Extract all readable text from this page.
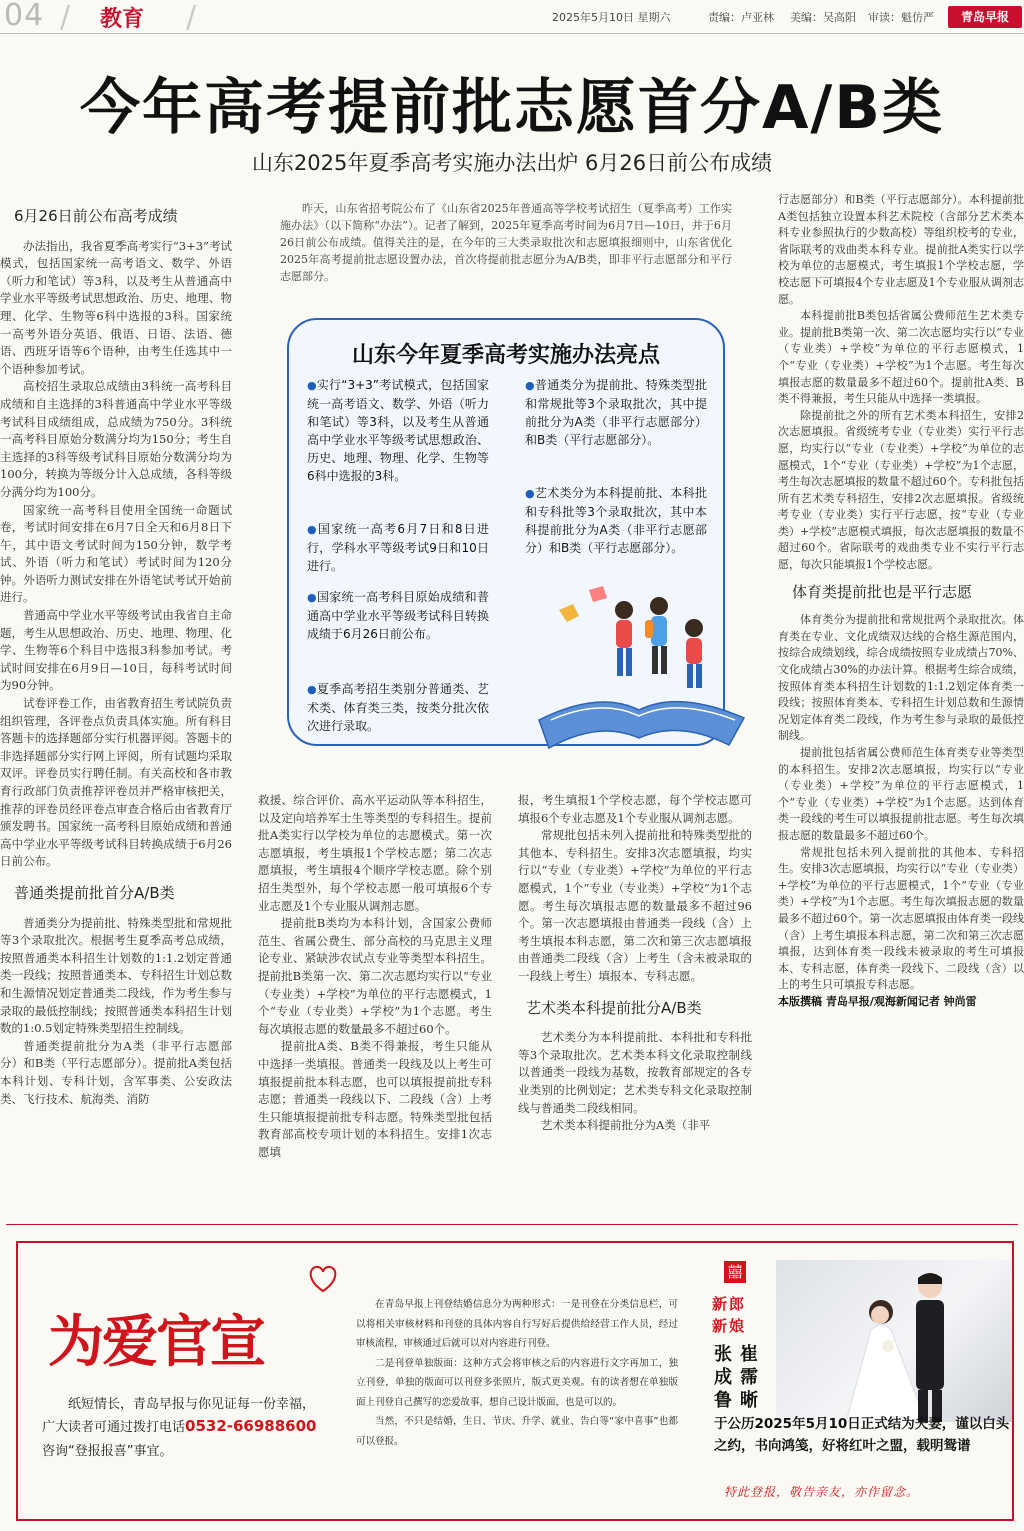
04 / 教育 /	2025年5月10日 星期六	责编：卢亚林 美编：吴高阳 审读：魁仿严	青岛早报
今年高考提前批志愿首分A/B类
山东2025年夏季高考实施办法出炉 6月26日前公布成绩
6月26日前公布高考成绩

办法指出，我省夏季高考实行“3+3”考试模式，包括国家统一高考语文、数学、外语（听力和笔试）等3科，以及考生从普通高中学业水平等级考试思想政治、历史、地理、物理、化学、生物等6科中选报的3科。国家统一高考外语分英语、俄语、日语、法语、德语、西班牙语等6个语种，由考生任选其中一个语种参加考试。

高校招生录取总成绩由3科统一高考科目成绩和自主选择的3科普通高中学业水平等级考试科目成绩组成，总成绩为750分。3科统一高考科目原始分数满分均为150分；考生自主选择的3科等级考试科目原始分数满分均为100分，转换为等级分计入总成绩，各科等级分满分均为100分。

国家统一高考科目使用全国统一命题试卷，考试时间安排在6月7日全天和6月8日下午，其中语文考试时间为150分钟，数学考试、外语（听力和笔试）考试时间为120分钟。外语听力测试安排在外语笔试考试开始前进行。

普通高中学业水平等级考试由我省自主命题，考生从思想政治、历史、地理、物理、化学、生物等6个科目中选报3科参加考试。考试时间安排在6月9日—10日，每科考试时间为90分钟。

试卷评卷工作，由省教育招生考试院负责组织管理，各评卷点负责具体实施。所有科目答题卡的选择题部分实行机器评阅。答题卡的非选择题部分实行网上评阅，所有试题均采取双评。评卷员实行聘任制。有关高校和各市教育行政部门负责推荐评卷员并严格审核把关，推荐的评卷员经评卷点审查合格后由省教育厅颁发聘书。国家统一高考科目原始成绩和普通高中学业水平等级考试科目转换成绩于6月26日前公布。

普通类提前批首分A/B类

普通类分为提前批、特殊类型批和常规批等3个录取批次。根据考生夏季高考总成绩，按照普通类本科招生计划数的1:1.2划定普通类一段线；按照普通类本、专科招生计划总数和生源情况划定普通类二段线，作为考生参与录取的最低控制线；按照普通类本科招生计划数的1:0.5划定特殊类型招生控制线。

普通类提前批分为A类（非平行志愿部分）和B类（平行志愿部分）。提前批A类包括本科计划、专科计划，含军事类、公安政法类、飞行技术、航海类、消防

昨天，山东省招考院公布了《山东省2025年普通高等学校考试招生（夏季高考）工作实施办法》（以下简称“办法”）。记者了解到，2025年夏季高考时间为6月7日—10日，并于6月26日前公布成绩。值得关注的是，在今年的三大类录取批次和志愿填报细则中，山东省优化2025年高考提前批志愿设置办法，首次将提前批志愿分为A/B类，即非平行志愿部分和平行志愿部分。
山东今年夏季高考实施办法亮点
●实行“3+3”考试模式，包括国家统一高考语文、数学、外语（听力和笔试）等3科，以及考生从普通高中学业水平等级考试思想政治、历史、地理、物理、化学、生物等6科中选报的3科。
●国家统一高考6月7日和8日进行，学科水平等级考试9日和10日进行。
●国家统一高考科目原始成绩和普通高中学业水平等级考试科目转换成绩于6月26日前公布。
●夏季高考招生类别分普通类、艺术类、体育类三类，按类分批次依次进行录取。
●普通类分为提前批、特殊类型批和常规批等3个录取批次，其中提前批分为A类（非平行志愿部分）和B类（平行志愿部分）。
●艺术类分为本科提前批、本科批和专科批等3个录取批次，其中本科提前批分为A类（非平行志愿部分）和B类（平行志愿部分）。

救援、综合评价、高水平运动队等本科招生，以及定向培养军士生等类型的专科招生。提前批A类实行以学校为单位的志愿模式。第一次志愿填报，考生填报1个学校志愿；第二次志愿填报，考生填报4个顺序学校志愿。除个别招生类型外，每个学校志愿一般可填报6个专业志愿及1个专业服从调剂志愿。

提前批B类均为本科计划，含国家公费师范生、省属公费生、部分高校的马克思主义理论专业、紧缺涉农试点专业等类型本科招生。提前批B类第一次、第二次志愿均实行以“专业（专业类）+学校”为单位的平行志愿模式，1个“专业（专业类）+学校”为1个志愿。考生每次填报志愿的数量最多不超过60个。

提前批A类、B类不得兼报，考生只能从中选择一类填报。普通类一段线及以上考生可填报提前批本科志愿，也可以填报提前批专科志愿；普通类一段线以下、二段线（含）上考生只能填报提前批专科志愿。特殊类型批包括教育部高校专项计划的本科招生。安排1次志愿填

报，考生填报1个学校志愿，每个学校志愿可填报6个专业志愿及1个专业服从调剂志愿。

常规批包括未列入提前批和特殊类型批的其他本、专科招生。安排3次志愿填报，均实行以“专业（专业类）+学校”为单位的平行志愿模式，1个“专业（专业类）+学校”为1个志愿。考生每次填报志愿的数量最多不超过96个。第一次志愿填报由普通类一段线（含）上考生填报本科志愿，第二次和第三次志愿填报由普通类二段线（含）上考生（含未被录取的一段线上考生）填报本、专科志愿。

艺术类本科提前批分A/B类

艺术类分为本科提前批、本科批和专科批等3个录取批次。艺术类本科文化录取控制线以普通类一段线为基数，按教育部规定的各专业类别的比例划定；艺术类专科文化录取控制线与普通类二段线相同。

艺术类本科提前批分为A类（非平

行志愿部分）和B类（平行志愿部分）。本科提前批A类包括独立设置本科艺术院校（含部分艺术类本科专业参照执行的少数高校）等组织校考的专业，省际联考的戏曲类本科专业。提前批A类实行以学校为单位的志愿模式，考生填报1个学校志愿，学校志愿下可填报4个专业志愿及1个专业服从调剂志愿。

本科提前批B类包括省属公费师范生艺术类专业。提前批B类第一次、第二次志愿均实行以“专业（专业类）+学校”为单位的平行志愿模式，1个“专业（专业类）+学校”为1个志愿。考生每次填报志愿的数量最多不超过60个。提前批A类、B类不得兼报，考生只能从中选择一类填报。

除提前批之外的所有艺术类本科招生，安排2次志愿填报。省级统考专业（专业类）实行平行志愿，均实行以“专业（专业类）+学校”为单位的志愿模式，1个“专业（专业类）+学校”为1个志愿，考生每次志愿填报的数量不超过60个。专科批包括所有艺术类专科招生，安排2次志愿填报。省级统考专业（专业类）实行平行志愿，按“专业（专业类）+学校”志愿模式填报，每次志愿填报的数量不超过60个。省际联考的戏曲类专业不实行平行志愿，每次只能填报1个学校志愿。

体育类提前批也是平行志愿

体育类分为提前批和常规批两个录取批次。体育类在专业、文化成绩双达线的合格生源范围内，按综合成绩划线，综合成绩按照专业成绩占70%、文化成绩占30%的办法计算。根据考生综合成绩，按照体育类本科招生计划数的1:1.2划定体育类一段线；按照体育类本、专科招生计划总数和生源情况划定体育类二段线，作为考生参与录取的最低控制线。

提前批包括省属公费师范生体育类专业等类型的本科招生。安排2次志愿填报，均实行以“专业（专业类）+学校”为单位的平行志愿模式，1个“专业（专业类）+学校”为1个志愿。达到体育类一段线的考生可以填报提前批志愿。考生每次填报志愿的数量最多不超过60个。

常规批包括未列入提前批的其他本、专科招生。安排3次志愿填报，均实行以“专业（专业类）+学校”为单位的平行志愿模式，1个“专业（专业类）+学校”为1个志愿。考生每次填报志愿的数量最多不超过60个。第一次志愿填报由体育类一段线（含）上考生填报本科志愿，第二次和第三次志愿填报，达到体育类一段线未被录取的考生可填报本、专科志愿，体育类一段线下、二段线（含）以上的考生只可填报专科志愿。

本版撰稿 青岛早报/观海新闻记者 钟尚雷

为爱官宣
纸短情长，青岛早报与你见证每一份幸福，
广大读者可通过拨打电话0532-66988600
咨询“登报报喜”事宜。

在青岛早报上刊登结婚信息分为两种形式：一是刊登在分类信息栏，可以将相关审核材料和刊登的具体内容自行写好后提供给经营工作人员，经过审核流程，审核通过后就可以对内容进行刊登。

二是刊登单独版面：这种方式会将审核之后的内容进行文字再加工，独立刊登，单独的版面可以刊登多张照片，版式更美观。有的读者想在单独版面上刊登自己撰写的恋爱故事，想自己设计版面，也是可以的。

当然，不只是结婚，生日、节庆、升学、就业、告白等“家中喜事”也都可以登报。

囍
新郎
新娘
张成鲁
崔霈晰
于公历2025年5月10日正式结为夫妻，谨以白头之约，书向鸿笺，好将红叶之盟，载明鸳谱
特此登报，敬告亲友，亦作留念。
